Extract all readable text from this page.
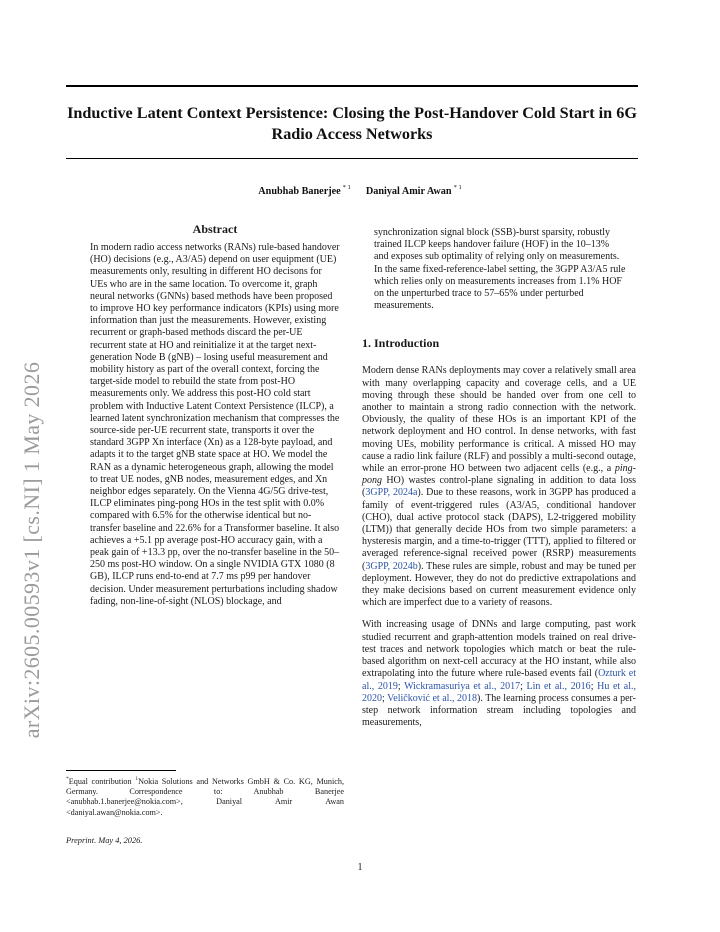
Inductive Latent Context Persistence: Closing the Post-Handover Cold Start in 6G Radio Access Networks
Anubhab Banerjee $^{* 1}$ Daniyal Amir Awan $^{* 1}$
arXiv:2605.00593v1 [cs.NI] 1 May 2026
Abstract

In modern radio access networks (RANs) rule-based handover (HO) decisions (e.g., A3/A5) depend on user equipment (UE) measurements only, resulting in different HO decisons for UEs who are in the same location. To overcome it, graph neural networks (GNNs) based methods have been proposed to improve HO key performance indicators (KPIs) using more information than just the measurements. However, existing recurrent or graph-based methods discard the per-UE recurrent state at HO and reinitialize it at the target next-generation Node B (gNB) – losing useful measurement and mobility history as part of the overall context, forcing the target-side model to rebuild the state from post-HO measurements only. We address this post-HO cold start problem with Inductive Latent Context Persistence (ILCP), a learned latent synchronization mechanism that compresses the source-side per-UE recurrent state, transports it over the standard 3GPP Xn interface (Xn) as a 128-byte payload, and adapts it to the target gNB state space at HO. We model the RAN as a dynamic heterogeneous graph, allowing the model to treat UE nodes, gNB nodes, measurement edges, and Xn neighbor edges separately. On the Vienna 4G/5G drive-test, ILCP eliminates ping-pong HOs in the test split with 0.0% compared with 6.5% for the otherwise identical but no-transfer baseline and 22.6% for a Transformer baseline. It also achieves a +5.1 pp average post-HO accuracy gain, with a peak gain of +13.3 pp, over the no-transfer baseline in the 50–250 ms post-HO window. On a single NVIDIA GTX 1080 (8 GB), ILCP runs end-to-end at 7.7 ms p99 per handover decision. Under measurement perturbations including shadow fading, non-line-of-sight (NLOS) blockage, and

synchronization signal block (SSB)-burst sparsity, robustly trained ILCP keeps handover failure (HOF) in the 10–13% and exposes sub optimality of relying only on measurements. In the same fixed-reference-label setting, the 3GPP A3/A5 rule which relies only on measurements increases from 1.1% HOF on the unperturbed trace to 57–65% under perturbed measurements.

1. Introduction

Modern dense RANs deployments may cover a relatively small area with many overlapping capacity and coverage cells, and a UE moving through these should be handed over from one cell to another to maintain a strong radio connection with the network. Obviously, the quality of these HOs is an important KPI of the network deployment and HO control. In dense networks, with fast moving UEs, mobility performance is critical. A missed HO may cause a radio link failure (RLF) and possibly a multi-second outage, while an error-prone HO between two adjacent cells (e.g., a ping-pong HO) wastes control-plane signaling in addition to data loss (3GPP, 2024a). Due to these reasons, work in 3GPP has produced a family of event-triggered rules (A3/A5, conditional handover (CHO), dual active protocol stack (DAPS), L2-triggered mobility (LTM)) that generally decide HOs from two simple parameters: a hysteresis margin, and a time-to-trigger (TTT), applied to filtered or averaged reference-signal received power (RSRP) measurements (3GPP, 2024b). These rules are simple, robust and may be tuned per deployment. However, they do not do predictive extrapolations and they make decisions based on current measurement evidence only which are imperfect due to a variety of reasons.

With increasing usage of DNNs and large computing, past work studied recurrent and graph-attention models trained on real drive-test traces and network topologies which match or beat the rule-based algorithm on next-cell accuracy at the HO instant, while also extrapolating into the future where rule-based events fail (Ozturk et al., 2019; Wickramasuriya et al., 2017; Lin et al., 2016; Hu et al., 2020; Veličković et al., 2018). The learning process consumes a per-step network information stream including topologies and measurements,

*Equal contribution $^1$Nokia Solutions and Networks GmbH & Co. KG, Munich, Germany. Correspondence to: Anubhab Banerjee <anubhab.1.banerjee@nokia.com>, Daniyal Amir Awan <daniyal.awan@nokia.com>.
Preprint. May 4, 2026.
1
